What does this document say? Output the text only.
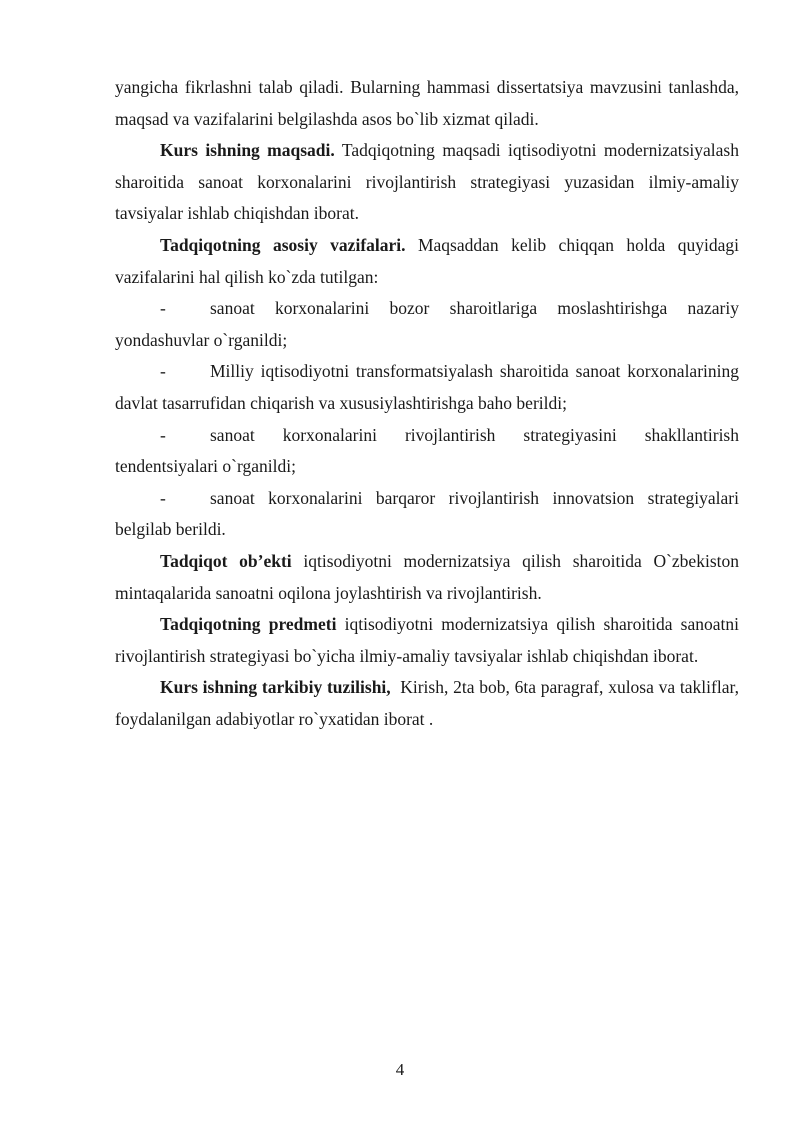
yangicha fikrlashni talab qiladi. Bularning hammasi dissertatsiya mavzusini tanlashda, maqsad va vazifalarini belgilashda asos bo`lib xizmat qiladi.

Kurs ishning maqsadi. Tadqiqotning maqsadi iqtisodiyotni modernizatsiyalash sharoitida sanoat korxonalarini rivojlantirish strategiyasi yuzasidan ilmiy-amaliy tavsiyalar ishlab chiqishdan iborat.

Tadqiqotning asosiy vazifalari. Maqsaddan kelib chiqqan holda quyidagi vazifalarini hal qilish ko`zda tutilgan:

-	sanoat korxonalarini bozor sharoitlariga moslashtirishga nazariy yondashuvlar o`rganildi;

-	Milliy iqtisodiyotni transformatsiyalash sharoitida sanoat korxonalarining davlat tasarrufidan chiqarish va xususiylashtirishga baho berildi;

-	sanoat korxonalarini rivojlantirish strategiyasini shakllantirish tendentsiyalari o`rganildi;

-	sanoat korxonalarini barqaror rivojlantirish innovatsion strategiyalari belgilab berildi.

Tadqiqot ob’ekti iqtisodiyotni modernizatsiya qilish sharoitida O`zbekiston mintaqalarida sanoatni oqilona joylashtirish va rivojlantirish.

Tadqiqotning predmeti iqtisodiyotni modernizatsiya qilish sharoitida sanoatni rivojlantirish strategiyasi bo`yicha ilmiy-amaliy tavsiyalar ishlab chiqishdan iborat.

Kurs ishning tarkibiy tuzilishi,  Kirish, 2ta bob, 6ta paragraf, xulosa va takliflar, foydalanilgan adabiyotlar ro`yxatidan iborat .

4
